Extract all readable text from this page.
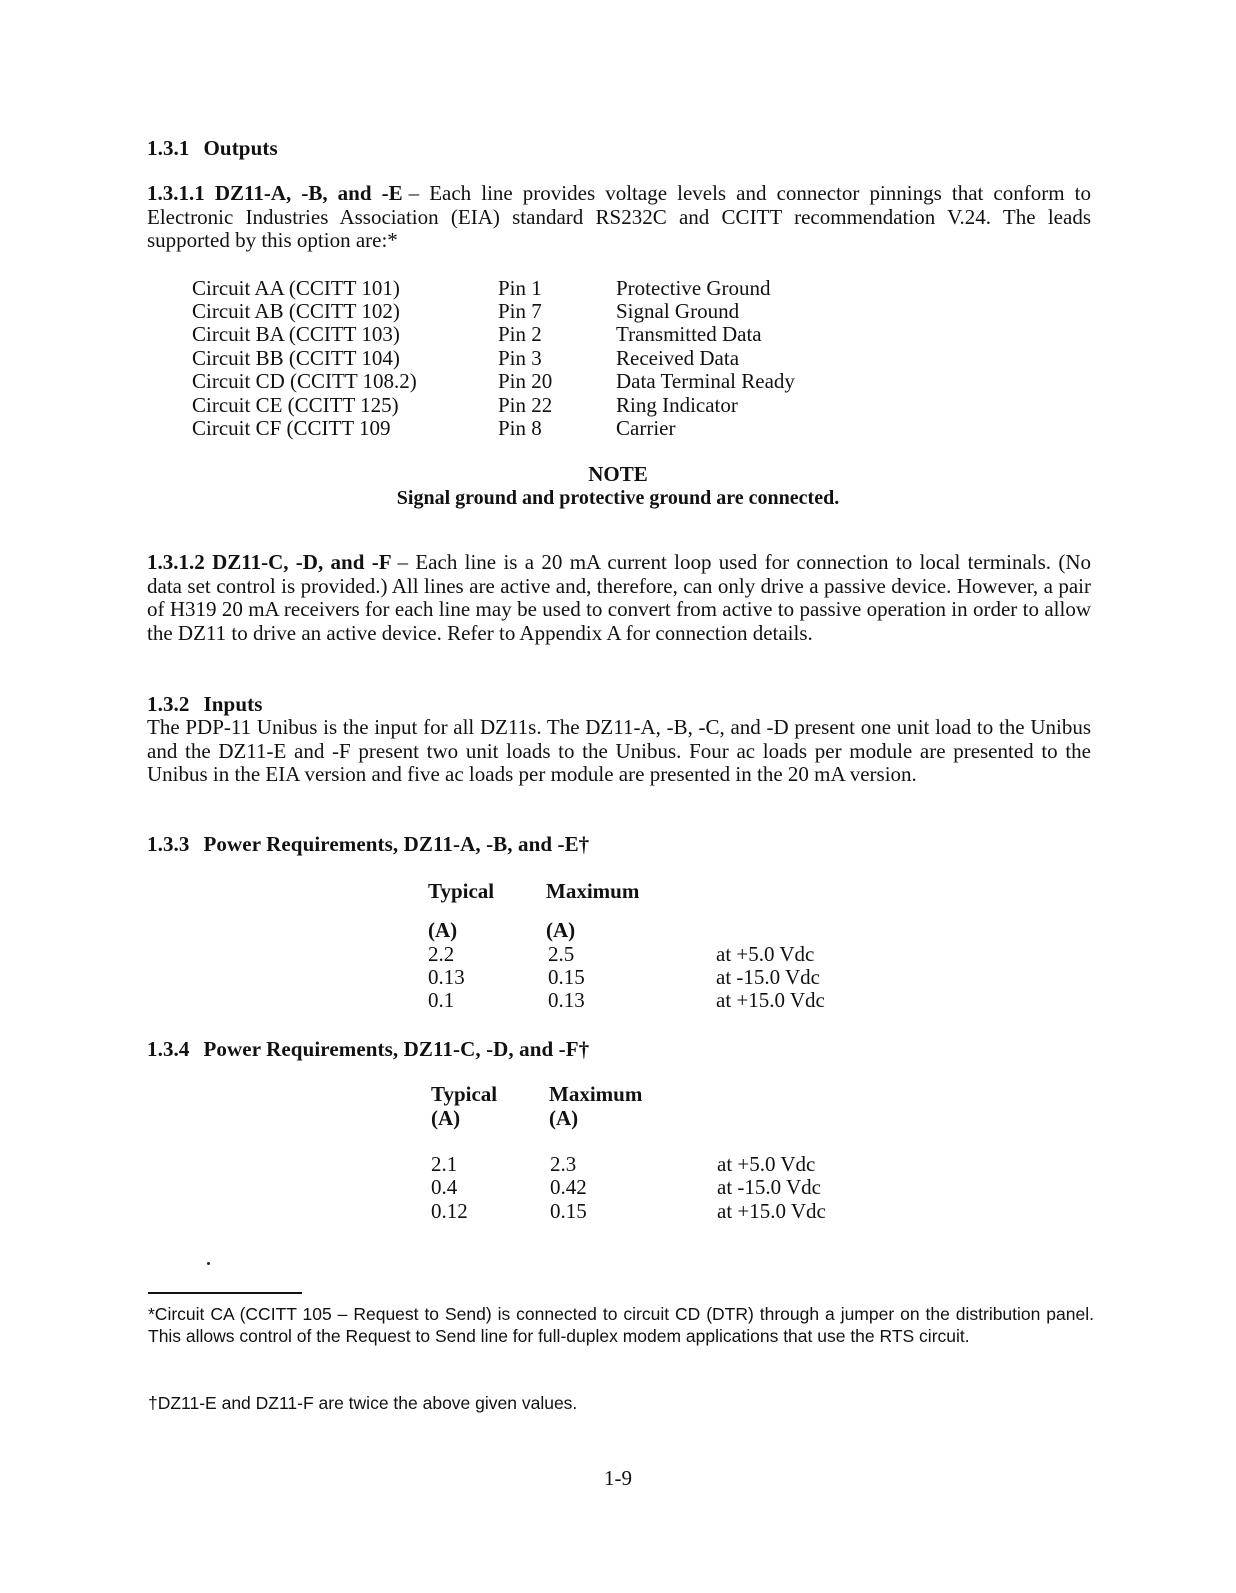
1.3.1 Outputs
1.3.1.1 DZ11-A, -B, and -E – Each line provides voltage levels and connector pinnings that conform to Electronic Industries Association (EIA) standard RS232C and CCITT recommendation V.24. The leads supported by this option are:*
Circuit AA (CCITT 101)	Pin 1	Protective Ground
Circuit AB (CCITT 102)	Pin 7	Signal Ground
Circuit BA (CCITT 103)	Pin 2	Transmitted Data
Circuit BB (CCITT 104)	Pin 3	Received Data
Circuit CD (CCITT 108.2)	Pin 20	Data Terminal Ready
Circuit CE (CCITT 125)	Pin 22	Ring Indicator
Circuit CF (CCITT 109	Pin 8	Carrier
NOTE
Signal ground and protective ground are connected.
1.3.1.2 DZ11-C, -D, and -F – Each line is a 20 mA current loop used for connection to local terminals. (No data set control is provided.) All lines are active and, therefore, can only drive a passive device. However, a pair of H319 20 mA receivers for each line may be used to convert from active to passive operation in order to allow the DZ11 to drive an active device. Refer to Appendix A for connection details.
1.3.2 Inputs
The PDP-11 Unibus is the input for all DZ11s. The DZ11-A, -B, -C, and -D present one unit load to the Unibus and the DZ11-E and -F present two unit loads to the Unibus. Four ac loads per module are presented to the Unibus in the EIA version and five ac loads per module are presented in the 20 mA version.
1.3.3 Power Requirements, DZ11-A, -B, and -E†
Typical Maximum
(A)	(A)
2.2	2.5	at +5.0 Vdc
0.13	0.15	at -15.0 Vdc
0.1	0.13	at +15.0 Vdc
1.3.4 Power Requirements, DZ11-C, -D, and -F†
Typical Maximum
(A)	(A)
2.1	2.3	at +5.0 Vdc
0.4	0.42	at -15.0 Vdc
0.12	0.15	at +15.0 Vdc
*Circuit CA (CCITT 105 – Request to Send) is connected to circuit CD (DTR) through a jumper on the distribution panel. This allows control of the Request to Send line for full-duplex modem applications that use the RTS circuit.
†DZ11-E and DZ11-F are twice the above given values.
1-9
